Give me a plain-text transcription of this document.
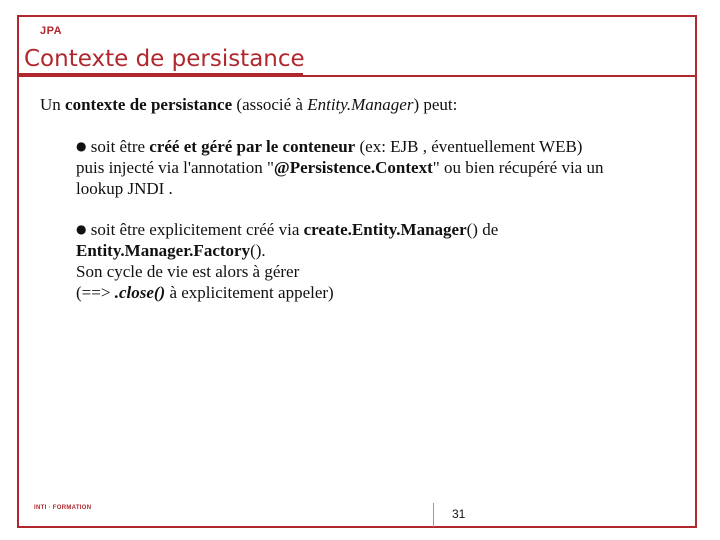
JPA
Contexte de persistance

Un contexte de persistance (associé à Entity.Manager) peut:

● soit être créé et géré par le conteneur (ex: EJB , éventuellement WEB)
puis injecté via l'annotation "@Persistence.Context" ou bien récupéré via un
lookup JNDI .
● soit être explicitement créé via create.Entity.Manager() de
Entity.Manager.Factory().
Son cycle de vie est alors à gérer
(==> .close() à explicitement appeler)
INTI · FORMATION	31
